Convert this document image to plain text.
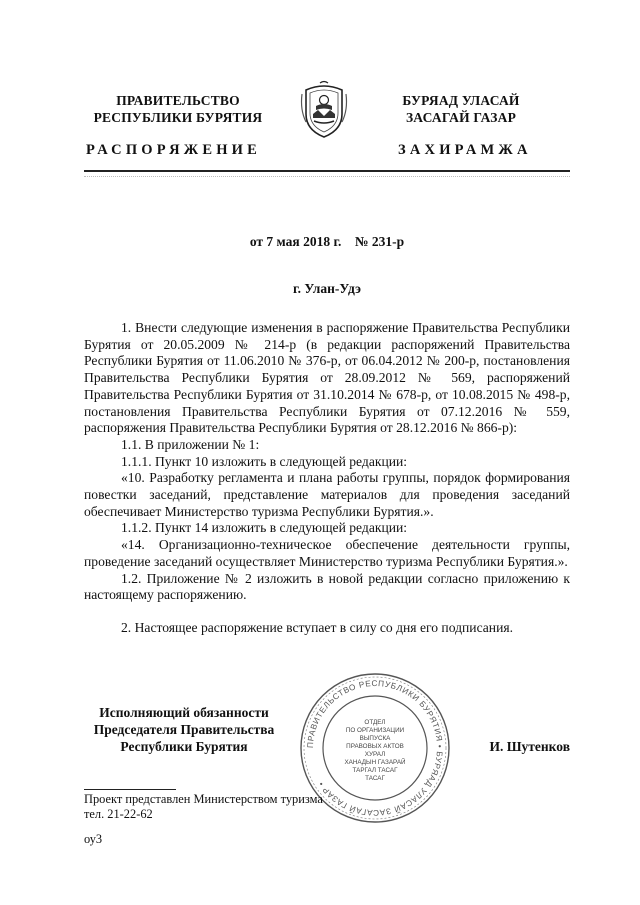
ПРАВИТЕЛЬСТВО
РЕСПУБЛИКИ БУРЯТИЯ
БУРЯАД УЛАСАЙ
ЗАСАГАЙ ГАЗАР
РАСПОРЯЖЕНИЕ	ЗАХИРАМЖА
от 7 мая 2018 г.    № 231-р
г. Улан-Удэ

1. Внести следующие изменения в распоряжение Правительства Республики Бурятия от 20.05.2009 № 214-р (в редакции распоряжений Правительства Республики Бурятия от 11.06.2010 № 376-р, от 06.04.2012 № 200-р, постановления Правительства Республики Бурятия от 28.09.2012 № 569, распоряжений Правительства Республики Бурятия от 31.10.2014 № 678-р, от 10.08.2015 № 498-р, постановления Правительства Республики Бурятия от 07.12.2016 № 559, распоряжения Правительства Республики Бурятия от 28.12.2016 № 866-р):

1.1. В приложении № 1:

1.1.1. Пункт 10 изложить в следующей редакции:

«10. Разработку регламента и плана работы группы, порядок формирования повестки заседаний, представление материалов для проведения заседаний обеспечивает Министерство туризма Республики Бурятия.».

1.1.2. Пункт 14 изложить в следующей редакции:

«14. Организационно-техническое обеспечение деятельности группы, проведение заседаний осуществляет Министерство туризма Республики Бурятия.».

1.2. Приложение № 2 изложить в новой редакции согласно приложению к настоящему распоряжению.

2. Настоящее распоряжение вступает в силу со дня его подписания.

Исполняющий обязанности
Председателя Правительства
Республики Бурятия	ПРАВИТЕЛЬСТВО РЕСПУБЛИКИ БУРЯТИЯ • БУРЯАД УЛАСАЙ ЗАСАГАЙ ГАЗАР •
ОТДЕЛ
ПО ОРГАНИЗАЦИИ
ВЫПУСКА
ПРАВОВЫХ АКТОВ
ХУРАЛ
ХАНАДЫН ГАЗАРАЙ
ТАРГАЛ ТАСАГ
ТАСАГ
И. Шутенков
Проект представлен Министерством туризма
тел. 21-22-62
оу3
